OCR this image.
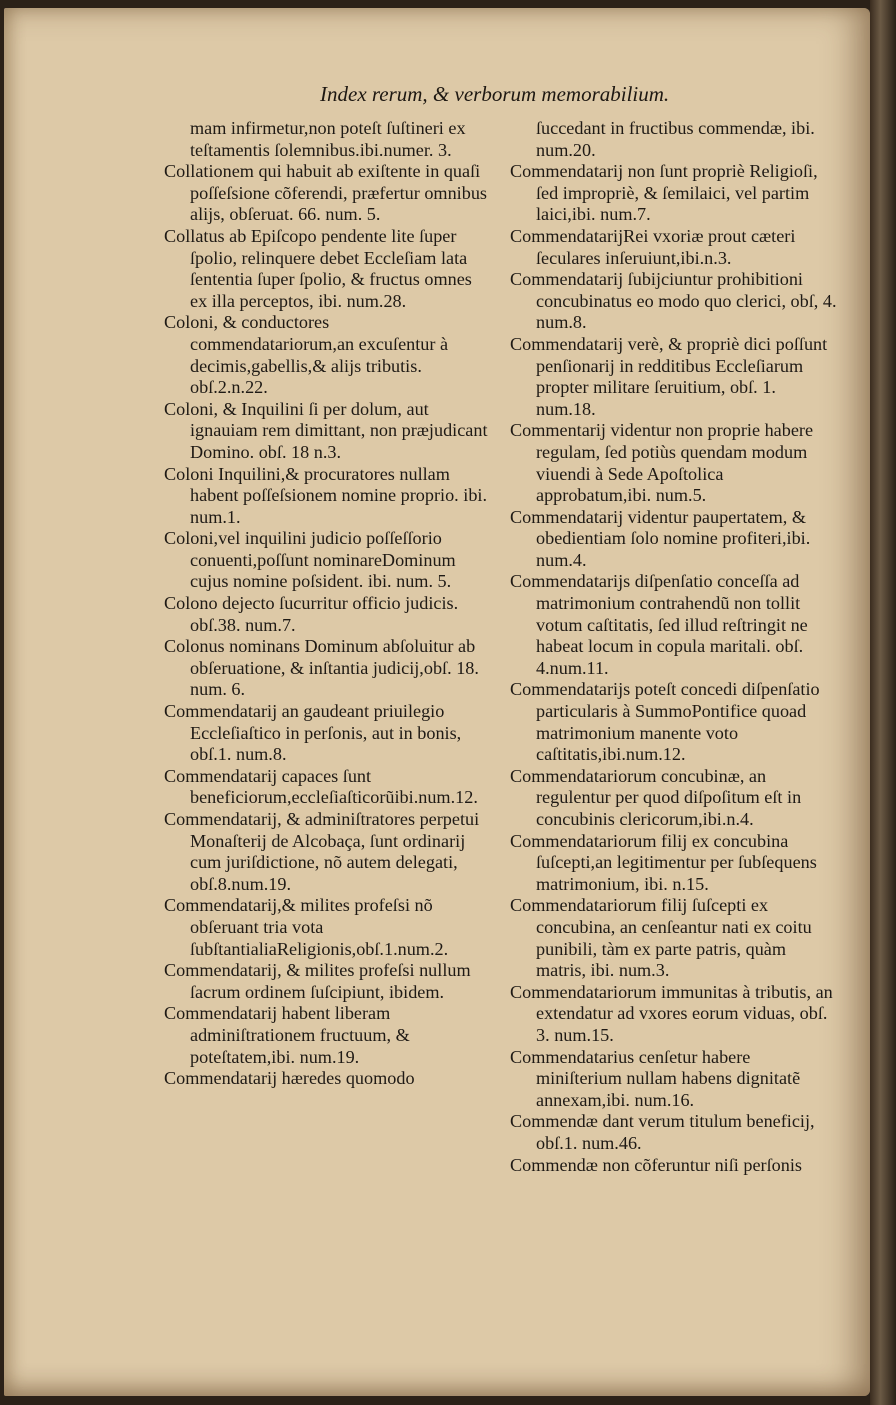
Index rerum, & verborum memorabilium.

mam infirmetur,non poteſt ſuſtineri ex teſtamentis ſolemnibus.ibi.numer. 3.

Collationem qui habuit ab exiſtente in quaſi poſſeſsione cõferendi, præfertur omnibus alijs, obſeruat. 66. num. 5.

Collatus ab Epiſcopo pendente lite ſuper ſpolio, relinquere debet Eccleſiam lata ſententia ſuper ſpolio, & fructus omnes ex illa perceptos, ibi. num.28.

Coloni, & conductores commendatariorum,an excuſentur à decimis,gabellis,& alijs tributis. obſ.2.n.22.

Coloni, & Inquilini ſi per dolum, aut ignauiam rem dimittant, non præjudicant Domino. obſ. 18 n.3.

Coloni Inquilini,& procuratores nullam habent poſſeſsionem nomine proprio. ibi. num.1.

Coloni,vel inquilini judicio poſſeſſorio conuenti,poſſunt nominareDominum cujus nomine poſsident. ibi. num. 5.

Colono dejecto ſucurritur officio judicis. obſ.38. num.7.

Colonus nominans Dominum abſoluitur ab obſeruatione, & inſtantia judicij,obſ. 18. num. 6.

Commendatarij an gaudeant priuilegio Eccleſiaſtico in perſonis, aut in bonis, obſ.1. num.8.

Commendatarij capaces ſunt beneficiorum,eccleſiaſticorũibi.num.12.

Commendatarij, & adminiſtratores perpetui Monaſterij de Alcobaça, ſunt ordinarij cum juriſdictione, nõ autem delegati, obſ.8.num.19.

Commendatarij,& milites profeſsi nõ obſeruant tria vota ſubſtantialiaReligionis,obſ.1.num.2.

Commendatarij, & milites profeſsi nullum ſacrum ordinem ſuſcipiunt, ibidem.

Commendatarij habent liberam adminiſtrationem fructuum, & poteſtatem,ibi. num.19.

Commendatarij hæredes quomodo

ſuccedant in fructibus commendæ, ibi. num.20.

Commendatarij non ſunt propriè Religioſi, ſed impropriè, & ſemilaici, vel partim laici,ibi. num.7.

CommendatarijRei vxoriæ prout cæteri ſeculares inſeruiunt,ibi.n.3.

Commendatarij ſubijciuntur prohibitioni concubinatus eo modo quo clerici, obſ, 4. num.8.

Commendatarij verè, & propriè dici poſſunt penſionarij in redditibus Eccleſiarum propter militare ſeruitium, obſ. 1. num.18.

Commentarij videntur non proprie habere regulam, ſed potiùs quendam modum viuendi à Sede Apoſtolica approbatum,ibi. num.5.

Commendatarij videntur paupertatem, & obedientiam ſolo nomine profiteri,ibi. num.4.

Commendatarijs diſpenſatio conceſſa ad matrimonium contrahendũ non tollit votum caſtitatis, ſed illud reſtringit ne habeat locum in copula maritali. obſ. 4.num.11.

Commendatarijs poteſt concedi diſpenſatio particularis à SummoPontifice quoad matrimonium manente voto caſtitatis,ibi.num.12.

Commendatariorum concubinæ, an regulentur per quod diſpoſitum eſt in concubinis clericorum,ibi.n.4.

Commendatariorum filij ex concubina ſuſcepti,an legitimentur per ſubſequens matrimonium, ibi. n.15.

Commendatariorum filij ſuſcepti ex concubina, an cenſeantur nati ex coitu punibili, tàm ex parte patris, quàm matris, ibi. num.3.

Commendatariorum immunitas à tributis, an extendatur ad vxores eorum viduas, obſ. 3. num.15.

Commendatarius cenſetur habere miniſterium nullam habens dignitatẽ annexam,ibi. num.16.

Commendæ dant verum titulum beneficij, obſ.1. num.46.

Commendæ non cõferuntur niſi perſonis
